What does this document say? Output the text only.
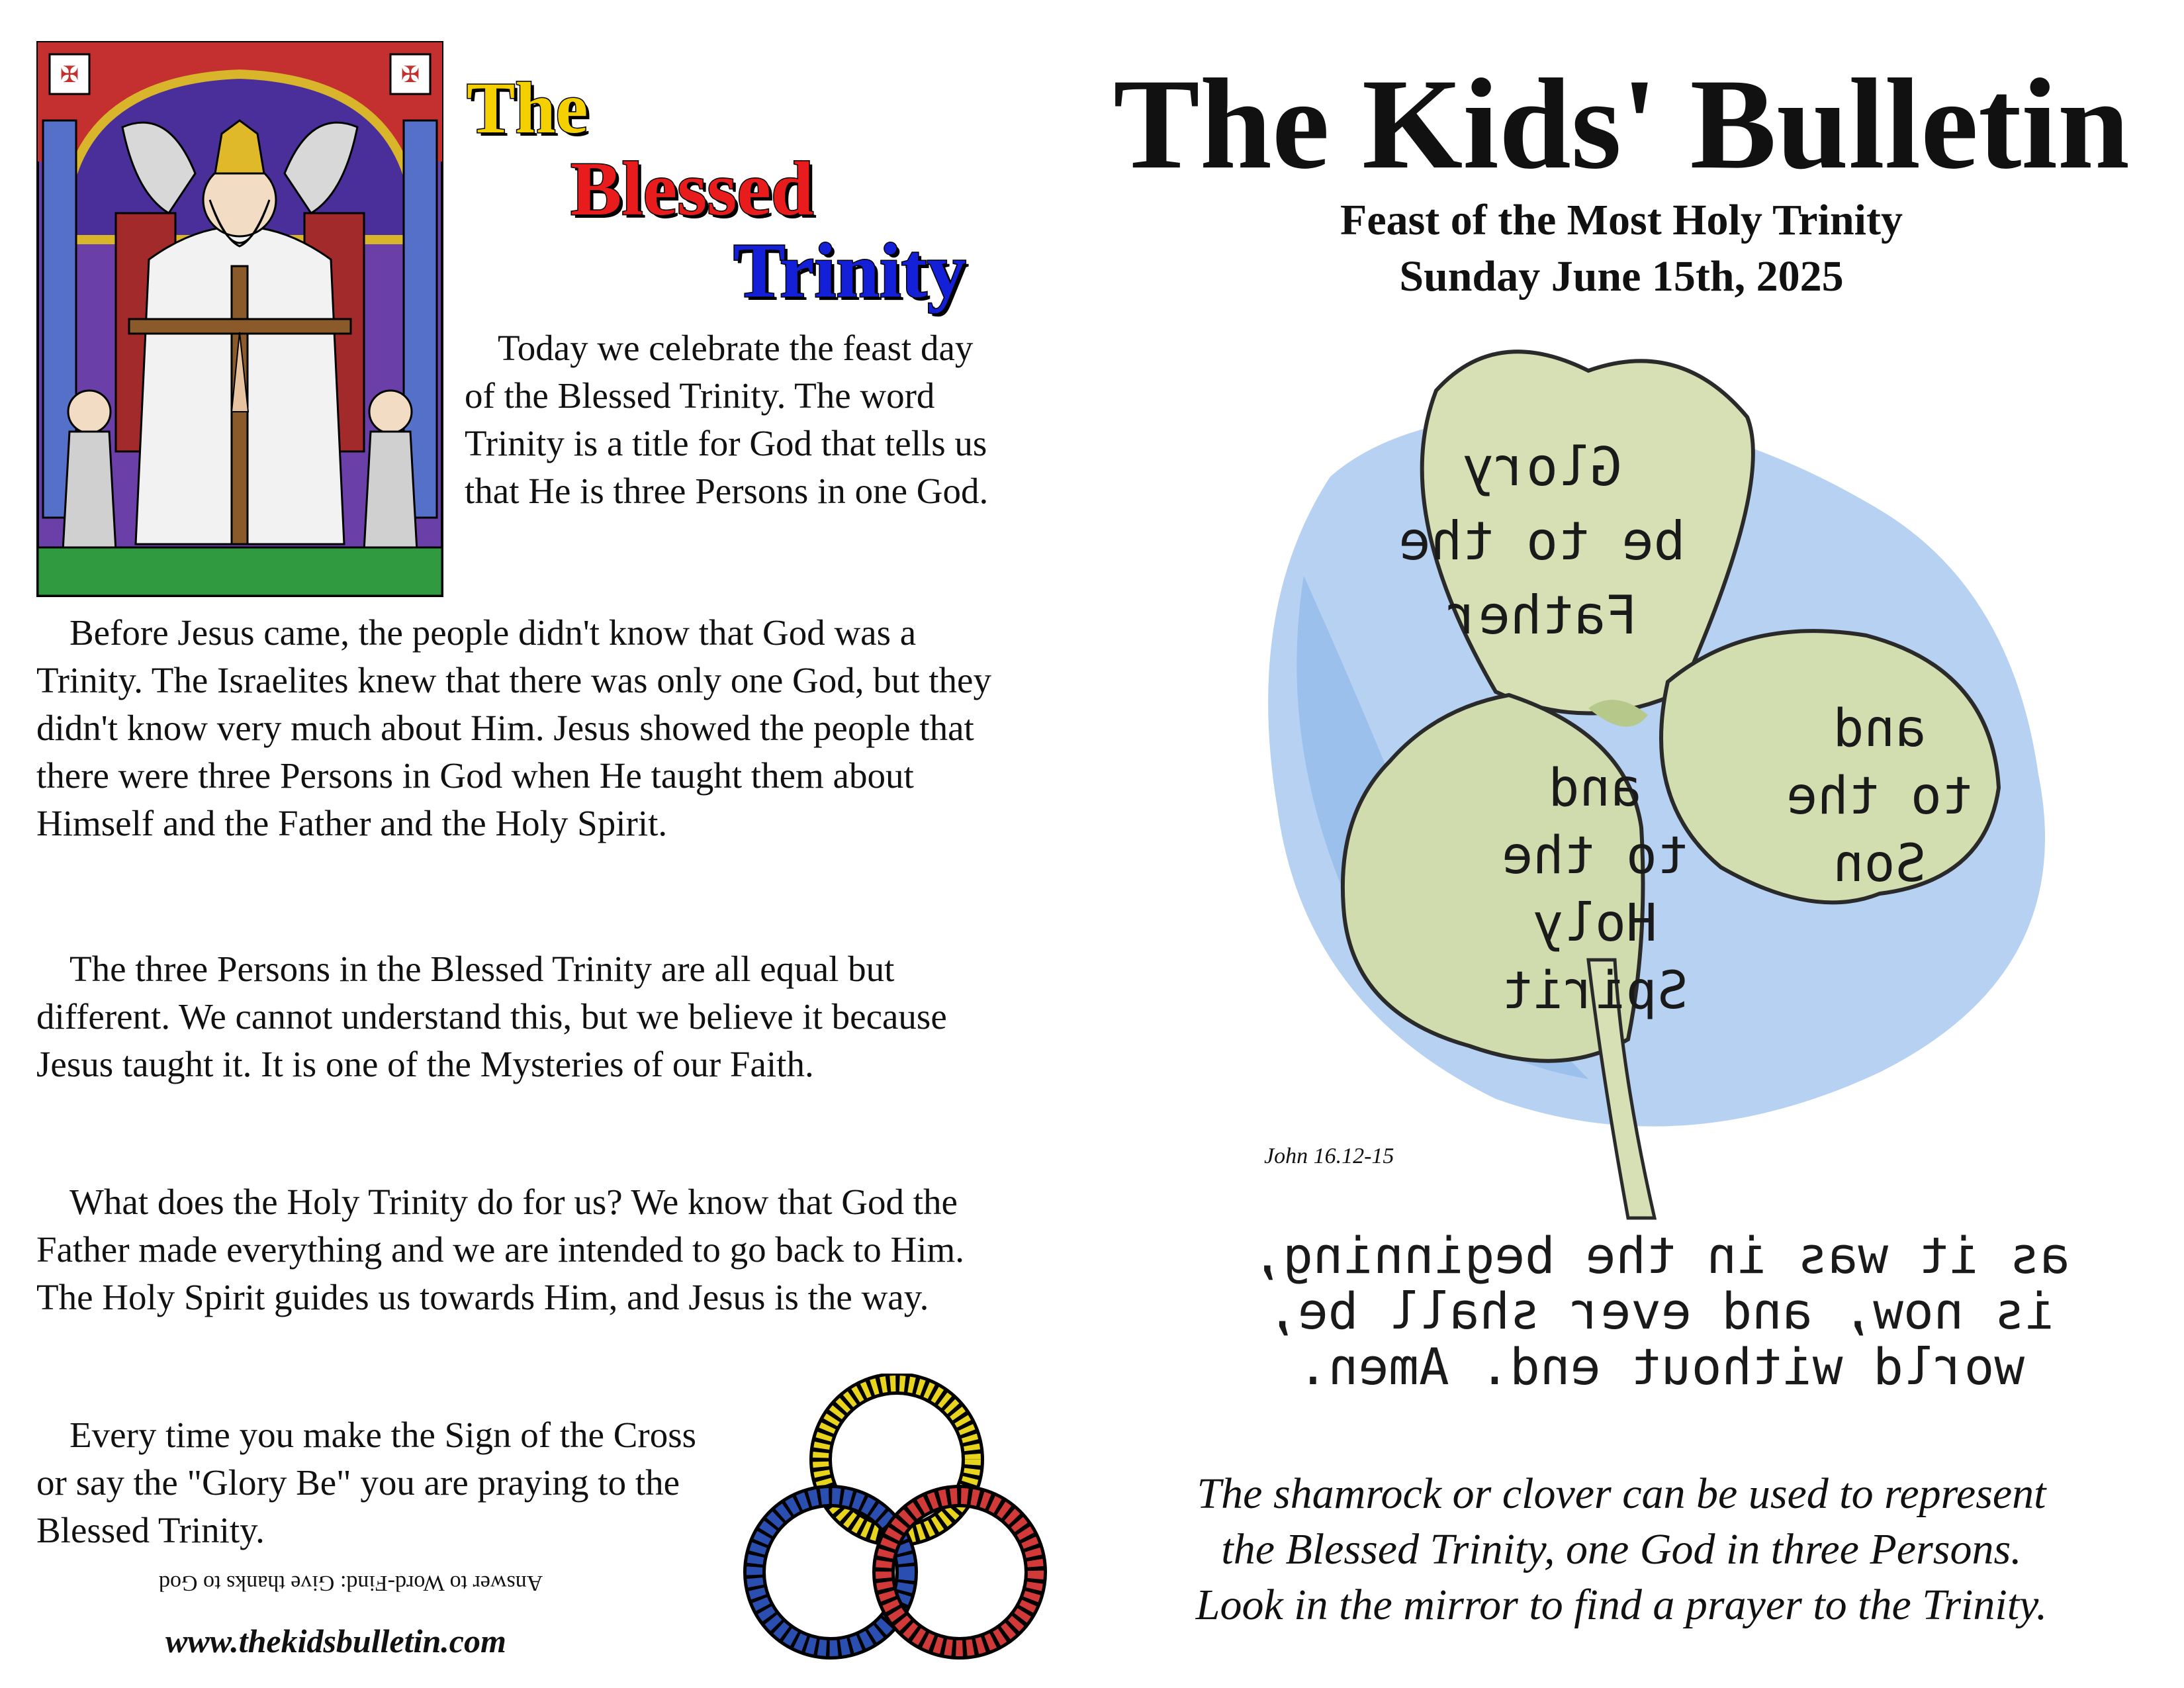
✠	✠ The
Blessed
Trinity

Today we celebrate the feast day of the Blessed Trinity. The word Trinity is a title for God that tells us that He is three Persons in one God.

Before Jesus came, the people didn't know that God was a Trinity. The Israelites knew that there was only one God, but they didn't know very much about Him. Jesus showed the people that there were three Persons in God when He taught them about Himself and the Father and the Holy Spirit.

The three Persons in the Blessed Trinity are all equal but different. We cannot understand this, but we believe it because Jesus taught it. It is one of the Mysteries of our Faith.

What does the Holy Trinity do for us? We know that God the Father made everything and we are intended to go back to Him. The Holy Spirit guides us towards Him, and Jesus is the way.

Every time you make the Sign of the Cross or say the "Glory Be" you are praying to the Blessed Trinity.

Answer to Word-Find: Give thanks to God
www.thekidsbulletin.com
The Kids' Bulletin
Feast of the Most Holy Trinity
Sunday June 15th, 2025
Glory
be to the
Father
and
to the
Son
and
to the
Holy
Spirit
John 16.12-15
as it was in the beginning,
is now, and ever shall be,
world without end. Amen.
The shamrock or clover can be used to represent
the Blessed Trinity, one God in three Persons.
Look in the mirror to find a prayer to the Trinity.
